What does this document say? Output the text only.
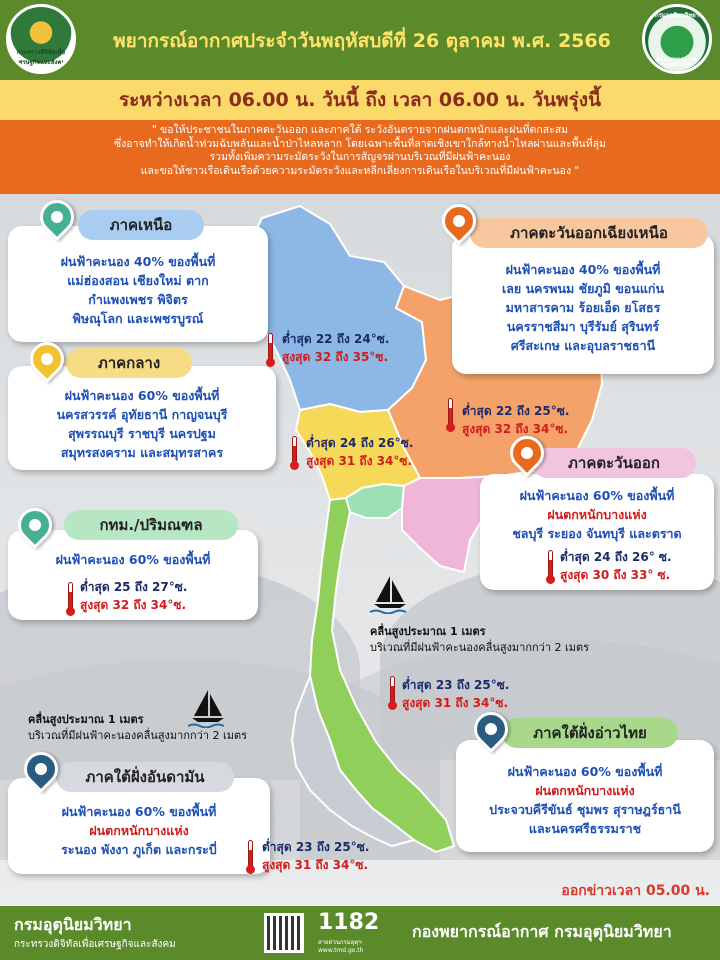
กระทรวงดิจิทัลเพื่อเศรษฐกิจและสังคม
พยากรณ์อากาศประจำวันพฤหัสบดีที่ 26 ตุลาคม พ.ศ. 2566
กรมอุตุนิยมวิทยา
METEOROLOGICAL DEPARTMENT
ระหว่างเวลา 06.00 น. วันนี้ ถึง เวลา 06.00 น. วันพรุ่งนี้
" ขอให้ประชาชนในภาคตะวันออก และภาคใต้ ระวังอันตรายจากฝนตกหนักและฝนที่ตกสะสม
ซึ่งอาจทำให้เกิดน้ำท่วมฉับพลันและน้ำป่าไหลหลาก โดยเฉพาะพื้นที่ลาดเชิงเขาใกล้ทางน้ำไหลผ่านและพื้นที่ลุ่ม
รวมทั้งเพิ่มความระมัดระวังในการสัญจรผ่านบริเวณที่มีฝนฟ้าคะนอง
และขอให้ชาวเรือเดินเรือด้วยความระมัดระวังและหลีกเลี่ยงการเดินเรือในบริเวณที่มีฝนฟ้าคะนอง "

ฝนฟ้าคะนอง 40% ของพื้นที่

แม่ฮ่องสอน เชียงใหม่ ตาก

กำแพงเพชร พิจิตร

พิษณุโลก และเพชรบูรณ์

ภาคเหนือ
ต่ำสุด 22 ถึง 24°ซ.
สูงสุด 32 ถึง 35°ซ.

ฝนฟ้าคะนอง 40% ของพื้นที่

เลย นครพนม ชัยภูมิ ขอนแก่น

มหาสารคาม ร้อยเอ็ด ยโสธร

นครราชสีมา บุรีรัมย์ สุรินทร์

ศรีสะเกษ และอุบลราชธานี

ภาคตะวันออกเฉียงเหนือ
ต่ำสุด 22 ถึง 25°ซ.
สูงสุด 32 ถึง 34°ซ.

ฝนฟ้าคะนอง 60% ของพื้นที่

นครสวรรค์ อุทัยธานี กาญจนบุรี

สุพรรณบุรี ราชบุรี นครปฐม

สมุทรสงคราม และสมุทรสาคร

ภาคกลาง
ต่ำสุด 24 ถึง 26°ซ.
สูงสุด 31 ถึง 34°ซ.

ฝนฟ้าคะนอง 60% ของพื้นที่

ฝนตกหนักบางแห่ง

ชลบุรี ระยอง จันทบุรี และตราด

ภาคตะวันออก
ต่ำสุด 24 ถึง 26° ซ.
สูงสุด 30 ถึง 33° ซ.

ฝนฟ้าคะนอง 60% ของพื้นที่

กทม./ปริมณฑล
ต่ำสุด 25 ถึง 27°ซ.
สูงสุด 32 ถึง 34°ซ.
คลื่นสูงประมาณ 1 เมตร
บริเวณที่มีฝนฟ้าคะนองคลื่นสูงมากกว่า 2 เมตร
ต่ำสุด 23 ถึง 25°ซ.
สูงสุด 31 ถึง 34°ซ.
คลื่นสูงประมาณ 1 เมตร
บริเวณที่มีฝนฟ้าคะนองคลื่นสูงมากกว่า 2 เมตร

ฝนฟ้าคะนอง 60% ของพื้นที่

ฝนตกหนักบางแห่ง

ประจวบคีรีขันธ์ ชุมพร สุราษฎร์ธานี

และนครศรีธรรมราช

ภาคใต้ฝั่งอ่าวไทย

ฝนฟ้าคะนอง 60% ของพื้นที่

ฝนตกหนักบางแห่ง

ระนอง พังงา ภูเก็ต และกระบี่

ภาคใต้ฝั่งอันดามัน
ต่ำสุด 23 ถึง 25°ซ.
สูงสุด 31 ถึง 34°ซ.
ออกข่าวเวลา 05.00 น.
กรมอุตุนิยมวิทยา
กระทรวงดิจิทัลเพื่อเศรษฐกิจและสังคม
1182
สายด่วนกรมอุตุฯ
www.tmd.go.th
กองพยากรณ์อากาศ กรมอุตุนิยมวิทยา
